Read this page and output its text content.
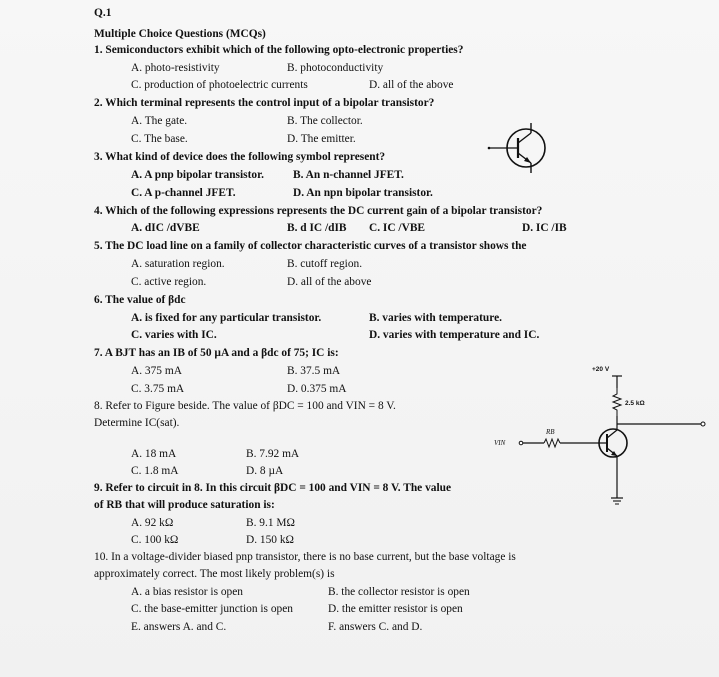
Q.1
Multiple Choice Questions (MCQs)
1. Semiconductors exhibit which of the following opto-electronic properties?
A. photo-resistivity	B. photoconductivity
C. production of photoelectric currents	D. all of the above
2. Which terminal represents the control input of a bipolar transistor?
A. The gate.	B. The collector.
C. The base.	D. The emitter.
3. What kind of device does the following symbol represent?
A. A pnp bipolar transistor.	B. An n-channel JFET.
C. A p-channel JFET.	D. An npn bipolar transistor.
4. Which of the following expressions represents the DC current gain of a bipolar transistor?
A. dIC /dVBE	B. d IC /dIB C. IC /VBE	D. IC /IB
5. The DC load line on a family of collector characteristic curves of a transistor shows the
A. saturation region.	B. cutoff region.
C. active region.	D. all of the above
6. The value of βdc
A. is fixed for any particular transistor.	B. varies with temperature.
C. varies with IC.	D. varies with temperature and IC.
7. A BJT has an IB of 50 µA and a βdc of 75; IC is:
A. 375 mA	B. 37.5 mA
C. 3.75 mA	D. 0.375 mA
8. Refer to Figure beside. The value of βDC = 100 and VIN = 8 V.
Determine IC(sat).
A. 18 mA	B. 7.92 mA
C. 1.8 mA	D. 8 µA
9. Refer to circuit in 8. In this circuit βDC = 100 and VIN = 8 V. The value
of RB that will produce saturation is:
A. 92 kΩ	B. 9.1 MΩ
C. 100 kΩ	D. 150 kΩ
10. In a voltage-divider biased pnp transistor, there is no base current, but the base voltage is
approximately correct. The most likely problem(s) is
A. a bias resistor is open	B. the collector resistor is open
C. the base-emitter junction is open	D. the emitter resistor is open
E. answers A. and C.	F. answers C. and D.
+20 V
2.5 kΩ
VIN
RB
